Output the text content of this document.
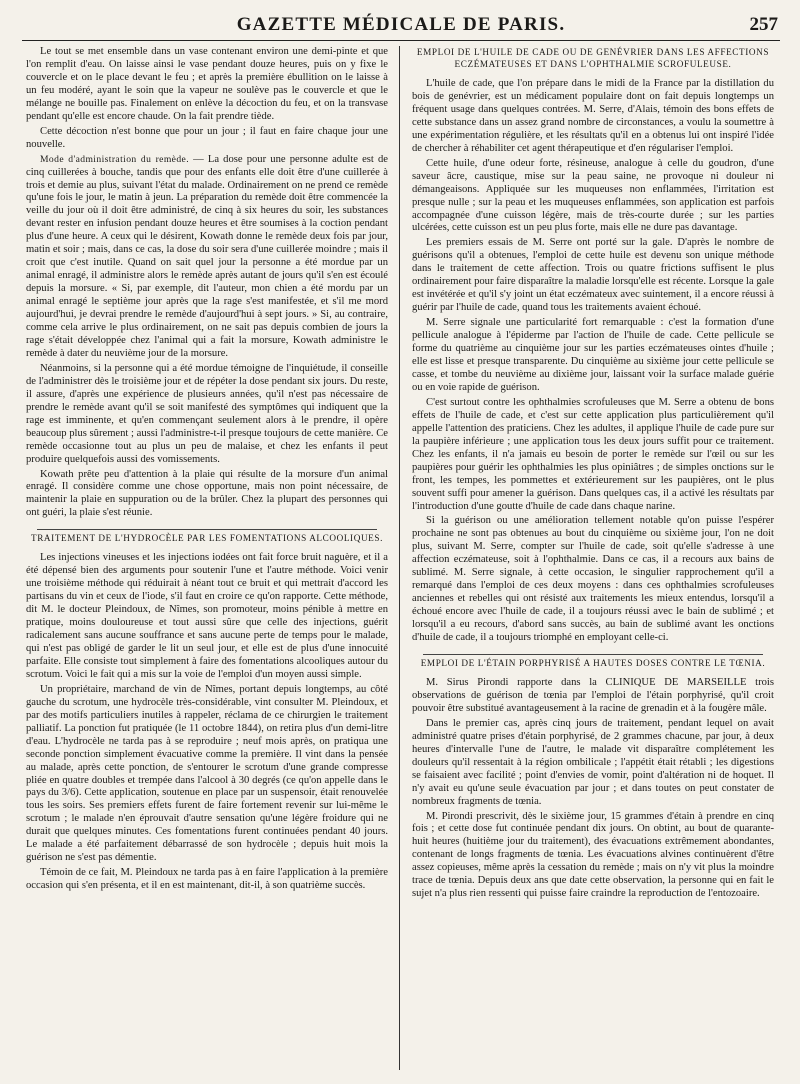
GAZETTE MÉDICALE DE PARIS.	257

Le tout se met ensemble dans un vase contenant environ une demi-pinte et que l'on remplit d'eau. On laisse ainsi le vase pendant douze heures, puis on y fixe le couvercle et on le place devant le feu ; et après la première ébullition on le laisse à un feu modéré, ayant le soin que la vapeur ne soulève pas le couvercle et que le mélange ne bouille pas. Finalement on enlève la décoction du feu, et on la transvase pendant qu'elle est encore chaude. On la fait prendre tiède.

Cette décoction n'est bonne que pour un jour ; il faut en faire chaque jour une nouvelle.

Mode d'administration du remède. — La dose pour une personne adulte est de cinq cuillerées à bouche, tandis que pour des enfants elle doit être d'une cuillerée à trois et demie au plus, suivant l'état du malade. Ordinairement on ne prend ce remède qu'une fois le jour, le matin à jeun. La préparation du remède doit être commencée la veille du jour où il doit être administré, de cinq à six heures du soir, les substances devant rester en infusion pendant douze heures et être soumises à la coction pendant plus d'une heure. A ceux qui le désirent, Kowath donne le remède deux fois par jour, matin et soir ; mais, dans ce cas, la dose du soir sera d'une cuillerée moindre ; mais il croit que c'est inutile. Quand on sait quel jour la personne a été mordue par un animal enragé, il administre alors le remède après autant de jours qu'il s'en est écoulé depuis la morsure. « Si, par exemple, dit l'auteur, mon chien a été mordu par un animal enragé le septième jour après que la rage s'est manifestée, et s'il me mord aujourd'hui, je devrai prendre le remède d'aujourd'hui à sept jours. » Si, au contraire, comme cela arrive le plus ordinairement, on ne sait pas depuis combien de jours la rage s'était développée chez l'animal qui a fait la morsure, Kowath administre le remède à dater du neuvième jour de la morsure.

Néanmoins, si la personne qui a été mordue témoigne de l'inquiétude, il conseille de l'administrer dès le troisième jour et de répéter la dose pendant six jours. Du reste, il assure, d'après une expérience de plusieurs années, qu'il n'est pas nécessaire de prendre le remède avant qu'il se soit manifesté des symptômes qui indiquent que la rage est imminente, et qu'en commençant seulement alors à le prendre, il opère beaucoup plus sûrement ; aussi l'administre-t-il presque toujours de cette manière. Ce remède occasionne tout au plus un peu de malaise, et chez les enfants il peut produire quelquefois aussi des vomissements.

Kowath prête peu d'attention à la plaie qui résulte de la morsure d'un animal enragé. Il considère comme une chose opportune, mais non point nécessaire, de maintenir la plaie en suppuration ou de la brûler. Chez la plupart des personnes qui ont guéri, la plaie s'est réunie.

TRAITEMENT DE L'HYDROCÈLE PAR LES FOMENTATIONS ALCOOLIQUES.

Les injections vineuses et les injections iodées ont fait force bruit naguère, et il a été dépensé bien des arguments pour soutenir l'une et l'autre méthode. Voici venir une troisième méthode qui réduirait à néant tout ce bruit et qui mettrait d'accord les partisans du vin et ceux de l'iode, s'il faut en croire ce qu'on rapporte. Cette méthode, dit M. le docteur Pleindoux, de Nîmes, son promoteur, moins pénible à mettre en pratique, moins douloureuse et tout aussi sûre que celle des injections, guérit radicalement sans aucune souffrance et sans aucune perte de temps pour le malade, qui n'est pas obligé de garder le lit un seul jour, et elle est de plus d'une innocuité parfaite. Elle consiste tout simplement à faire des fomentations alcooliques autour du scrotum. Voici le fait qui a mis sur la voie de l'emploi d'un moyen aussi simple.

Un propriétaire, marchand de vin de Nîmes, portant depuis longtemps, au côté gauche du scrotum, une hydrocèle très-considérable, vint consulter M. Pleindoux, et par des motifs particuliers inutiles à rappeler, réclama de ce chirurgien le traitement palliatif. La ponction fut pratiquée (le 11 octobre 1844), on retira plus d'un demi-litre d'eau. L'hydrocèle ne tarda pas à se reproduire ; neuf mois après, on pratiqua une seconde ponction simplement évacuative comme la première. Il vint dans la pensée au malade, après cette ponction, de s'entourer le scrotum d'une grande compresse pliée en quatre doubles et trempée dans l'alcool à 30 degrés (ce qu'on appelle dans le pays du 3/6). Cette application, soutenue en place par un suspensoir, était renouvelée tous les soirs. Ses premiers effets furent de faire fortement revenir sur lui-même le scrotum ; le malade n'en éprouvait d'autre sensation qu'une légère froidure qui ne durait que quelques minutes. Ces fomentations furent continuées pendant 40 jours. Le malade a été parfaitement débarrassé de son hydrocèle ; depuis huit mois la guérison ne s'est pas démentie.

Témoin de ce fait, M. Pleindoux ne tarda pas à en faire l'application à la première occasion qui s'en présenta, et il en est maintenant, dit-il, à son quatrième succès.

EMPLOI DE L'HUILE DE CADE OU DE GENÉVRIER DANS LES AFFECTIONS ECZÉMATEUSES ET DANS L'OPHTHALMIE SCROFULEUSE.

L'huile de cade, que l'on prépare dans le midi de la France par la distillation du bois de genévrier, est un médicament populaire dont on fait depuis longtemps un fréquent usage dans quelques contrées. M. Serre, d'Alais, témoin des bons effets de cette substance dans un assez grand nombre de circonstances, a voulu la soumettre à une expérimentation régulière, et les résultats qu'il en a obtenus lui ont inspiré l'idée de chercher à réhabiliter cet agent thérapeutique et d'en régulariser l'emploi.

Cette huile, d'une odeur forte, résineuse, analogue à celle du goudron, d'une saveur âcre, caustique, mise sur la peau saine, ne provoque ni douleur ni démangeaisons. Appliquée sur les muqueuses non enflammées, l'irritation est presque nulle ; sur la peau et les muqueuses enflammées, son application est parfois accompagnée d'une cuisson légère, mais de très-courte durée ; sur les parties ulcérées, cette cuisson est un peu plus forte, mais elle ne dure pas davantage.

Les premiers essais de M. Serre ont porté sur la gale. D'après le nombre de guérisons qu'il a obtenues, l'emploi de cette huile est devenu son unique méthode dans le traitement de cette affection. Trois ou quatre frictions suffisent le plus ordinairement pour faire disparaître la maladie lorsqu'elle est récente. Lorsque la gale est invétérée et qu'il s'y joint un état eczémateux avec suintement, il a encore réussi à guérir par l'huile de cade, quand tous les traitements avaient échoué.

M. Serre signale une particularité fort remarquable : c'est la formation d'une pellicule analogue à l'épiderme par l'action de l'huile de cade. Cette pellicule se forme du quatrième au cinquième jour sur les parties eczémateuses ointes d'huile ; elle est lisse et presque transparente. Du cinquième au sixième jour cette pellicule se casse, et tombe du neuvième au dixième jour, laissant voir la surface malade guérie ou en voie rapide de guérison.

C'est surtout contre les ophthalmies scrofuleuses que M. Serre a obtenu de bons effets de l'huile de cade, et c'est sur cette application plus particulièrement qu'il appelle l'attention des praticiens. Chez les adultes, il applique l'huile de cade pure sur la paupière inférieure ; une application tous les deux jours suffit pour ce traitement. Chez les enfants, il n'a jamais eu besoin de porter le remède sur l'œil ou sur les paupières pour guérir les ophthalmies les plus opiniâtres ; de simples onctions sur le front, les tempes, les pommettes et extérieurement sur les paupières, ont le plus souvent suffi pour amener la guérison. Dans quelques cas, il a activé les résultats par l'introduction d'une goutte d'huile de cade dans chaque narine.

Si la guérison ou une amélioration tellement notable qu'on puisse l'espérer prochaine ne sont pas obtenues au bout du cinquième ou sixième jour, l'on ne doit plus, suivant M. Serre, compter sur l'huile de cade, soit qu'elle s'adresse à une affection eczémateuse, soit à l'ophthalmie. Dans ce cas, il a recours aux bains de sublimé. M. Serre signale, à cette occasion, le singulier rapprochement qu'il a remarqué dans l'emploi de ces deux moyens : dans ces ophthalmies scrofuleuses anciennes et rebelles qui ont résisté aux traitements les mieux entendus, lorsqu'il a échoué encore avec l'huile de cade, il a toujours réussi avec le bain de sublimé ; et lorsqu'il a eu recours, d'abord sans succès, au bain de sublimé avant les onctions d'huile de cade, il a toujours triomphé en employant celle-ci.

EMPLOI DE L'ÉTAIN PORPHYRISÉ A HAUTES DOSES CONTRE LE TŒNIA.

M. Sirus Pirondi rapporte dans la CLINIQUE DE MARSEILLE trois observations de guérison de tœnia par l'emploi de l'étain porphyrisé, qu'il croit pouvoir être substitué avantageusement à la racine de grenadin et à la fougère mâle.

Dans le premier cas, après cinq jours de traitement, pendant lequel on avait administré quatre prises d'étain porphyrisé, de 2 grammes chacune, par jour, à deux heures d'intervalle l'une de l'autre, le malade vit disparaître complétement les douleurs qu'il ressentait à la région ombilicale ; l'appétit était rétabli ; les digestions se faisaient avec facilité ; point d'envies de vomir, point d'altération ni de hoquet. Il n'y avait eu qu'une seule évacuation par jour ; et dans toutes on peut constater de nombreux fragments de tœnia.

M. Pirondi prescrivit, dès le sixième jour, 15 grammes d'étain à prendre en cinq fois ; et cette dose fut continuée pendant dix jours. On obtint, au bout de quarante-huit heures (huitième jour du traitement), des évacuations extrêmement abondantes, contenant de longs fragments de tœnia. Les évacuations alvines continuèrent d'être assez copieuses, même après la cessation du remède ; mais on n'y vit plus la moindre trace de tœnia. Depuis deux ans que date cette observation, la personne qui en fait le sujet n'a plus rien ressenti qui puisse faire craindre la reproduction de l'entozoaire.
